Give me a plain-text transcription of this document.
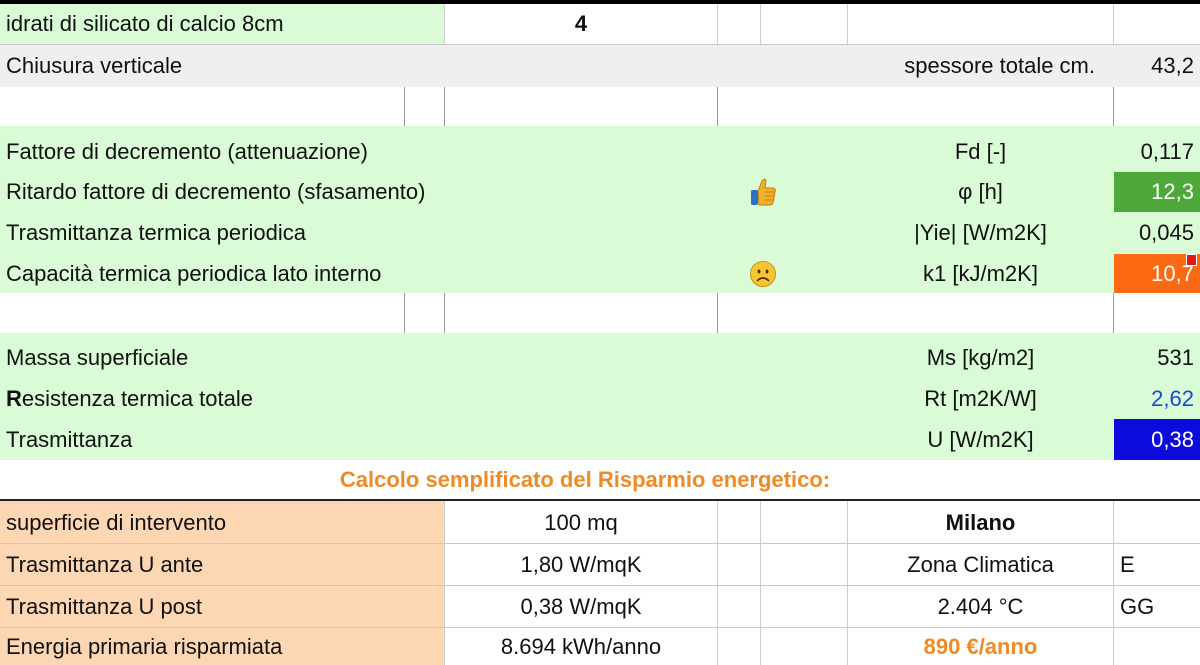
idrati di silicato di calcio 8cm	4
Chiusura verticale	spessore totale cm.	43,2
Fattore di decremento (attenuazione)	Fd [-]	0,117
Ritardo fattore di decremento (sfasamento)	φ [h]	12,3
Trasmittanza termica periodica	|Yie| [W/m2K]	0,045
Capacità termica periodica lato interno	k1 [kJ/m2K]	10,7
Massa superficiale	Ms [kg/m2]	531
R esistenza termica totale	Rt [m2K/W]	2,62
Trasmittanza	U [W/m2K]	0,38
Calcolo semplificato del Risparmio energetico:
superficie di intervento	100 mq	Milano
Trasmittanza U ante	1,80 W/mqK	Zona Climatica	E
Trasmittanza U post	0,38 W/mqK	2.404 °C	GG
Energia primaria risparmiata	8.694 kWh/anno	890 €/anno
